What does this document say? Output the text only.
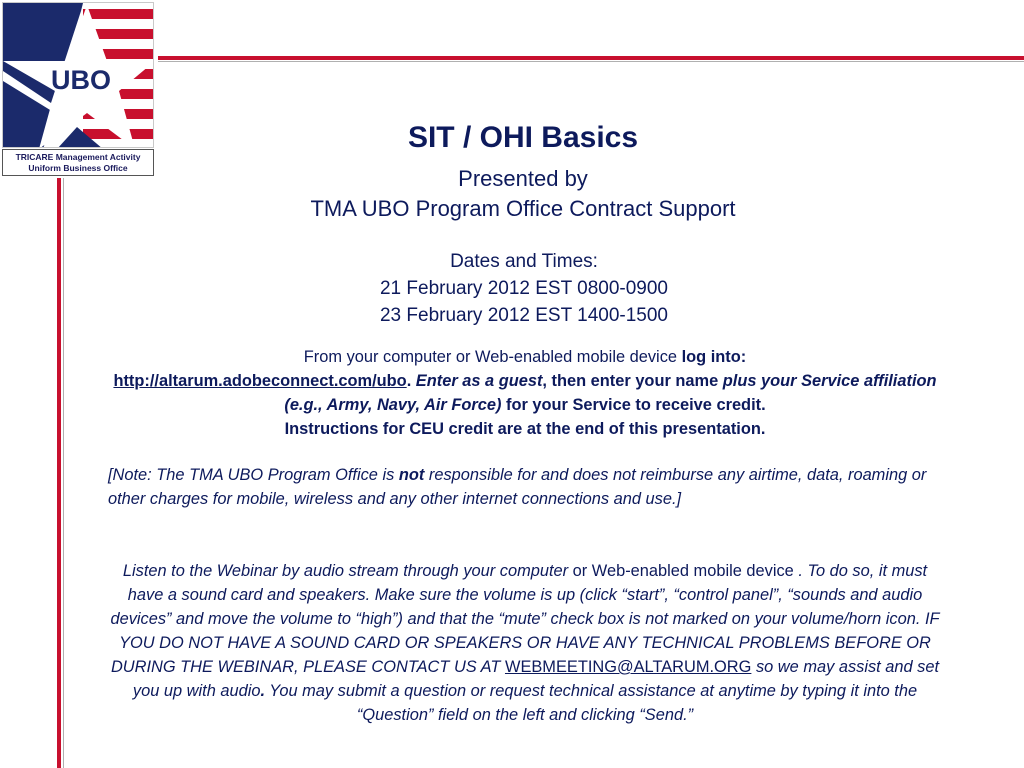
UBO
TRICARE Management Activity
Uniform Business Office
SIT / OHI Basics
Presented by
TMA UBO Program Office Contract Support
Dates and Times:
21 February 2012 EST 0800-0900
23 February 2012 EST 1400-1500
From your computer or Web-enabled mobile device log into:
http://altarum.adobeconnect.com/ubo. Enter as a guest, then enter your name plus your Service affiliation (e.g., Army, Navy, Air Force) for your Service to receive credit.
Instructions for CEU credit are at the end of this presentation.
[Note: The TMA UBO Program Office is not responsible for and does not reimburse any airtime, data, roaming or other charges for mobile, wireless and any other internet connections and use.]
Listen to the Webinar by audio stream through your computer or Web-enabled mobile device . To do so, it must have a sound card and speakers. Make sure the volume is up (click “start”, “control panel”, “sounds and audio devices” and move the volume to “high”) and that the “mute” check box is not marked on your volume/horn icon. IF YOU DO NOT HAVE A SOUND CARD OR SPEAKERS OR HAVE ANY TECHNICAL PROBLEMS BEFORE OR DURING THE WEBINAR, PLEASE CONTACT US AT WEBMEETING@ALTARUM.ORG so we may assist and set you up with audio. You may submit a question or request technical assistance at anytime by typing it into the “Question” field on the left and clicking “Send.”
